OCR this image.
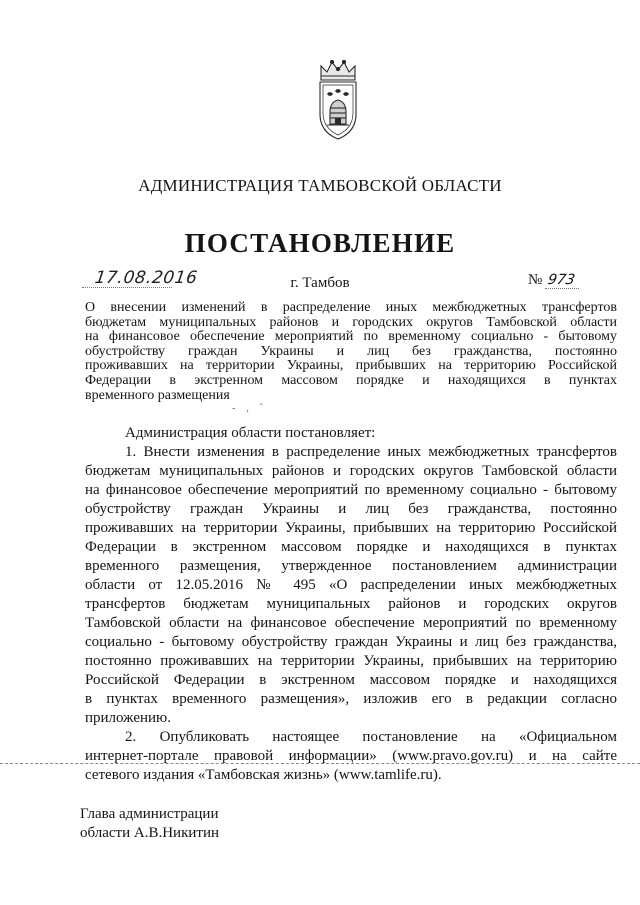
АДМИНИСТРАЦИЯ ТАМБОВСКОЙ ОБЛАСТИ
ПОСТАНОВЛЕНИЕ
17.08.2016	г. Тамбов	№ 973
О внесении изменений в распределение иных межбюджетных трансфертов
бюджетам муниципальных районов и городских округов Тамбовской области
на финансовое обеспечение мероприятий по временному социально - бытовому
обустройству граждан Украины и лиц без гражданства, постоянно
проживавших на территории Украины, прибывших на территорию Российской
Федерации в экстренном массовом порядке и находящихся в пунктах
временного размещения
‐ ‚ ˆ
Администрация области постановляет:
1. Внести изменения в распределение иных межбюджетных трансфертов
бюджетам муниципальных районов и городских округов Тамбовской области
на финансовое обеспечение мероприятий по временному социально - бытовому
обустройству граждан Украины и лиц без гражданства, постоянно
проживавших на территории Украины, прибывших на территорию Российской
Федерации в экстренном массовом порядке и находящихся в пунктах
временного размещения, утвержденное постановлением администрации
области от 12.05.2016 № 495 «О распределении иных межбюджетных
трансфертов бюджетам муниципальных районов и городских округов
Тамбовской области на финансовое обеспечение мероприятий по временному
социально - бытовому обустройству граждан Украины и лиц без гражданства,
постоянно проживавших на территории Украины, прибывших на территорию
Российской Федерации в экстренном массовом порядке и находящихся
в пунктах временного размещения», изложив его в редакции согласно
приложению.
2. Опубликовать настоящее постановление на «Официальном
интернет-портале правовой информации» (www.pravo.gov.ru) и на сайте
сетевого издания «Тамбовская жизнь» (www.tamlife.ru).
Глава администрации
области А.В.Никитин
